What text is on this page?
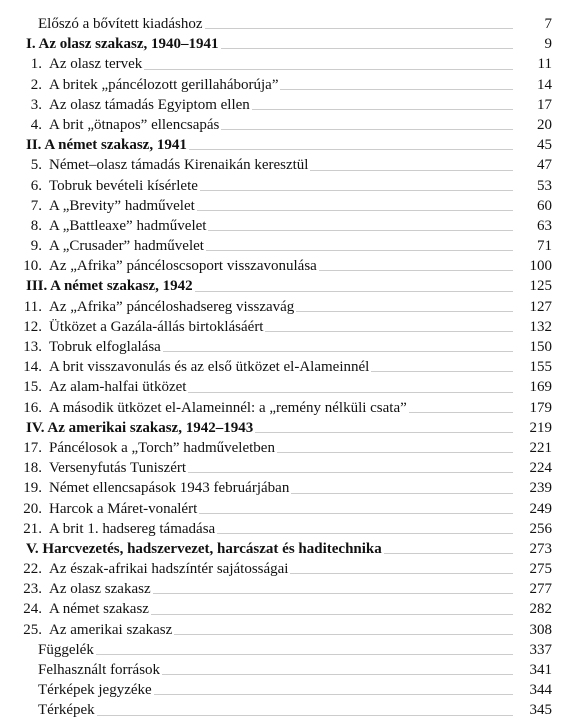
Előszó a bővített kiadáshoz	7
I. Az olasz szakasz, 1940–1941	9
1. Az olasz tervek	11
2. A britek „páncélozott gerillaháborúja”	14
3. Az olasz támadás Egyiptom ellen	17
4. A brit „ötnapos” ellencsapás	20
II. A német szakasz, 1941	45
5. Német–olasz támadás Kirenaikán keresztül	47
6. Tobruk bevételi kísérlete	53
7. A „Brevity” hadművelet	60
8. A „Battleaxe” hadművelet	63
9. A „Crusader” hadművelet	71
10. Az „Afrika” páncéloscsoport visszavonulása	100
III. A német szakasz, 1942	125
11. Az „Afrika” páncéloshadsereg visszavág	127
12. Ütközet a Gazála-állás birtoklásáért	132
13. Tobruk elfoglalása	150
14. A brit visszavonulás és az első ütközet el-Alameinnél	155
15. Az alam-halfai ütközet	169
16. A második ütközet el-Alameinnél: a „remény nélküli csata”	179
IV. Az amerikai szakasz, 1942–1943	219
17. Páncélosok a „Torch” hadműveletben	221
18. Versenyfutás Tuniszért	224
19. Német ellencsapások 1943 februárjában	239
20. Harcok a Máret-vonalért	249
21. A brit 1. hadsereg támadása	256
V. Harcvezetés, hadszervezet, harcászat és haditechnika	273
22. Az észak-afrikai hadszíntér sajátosságai	275
23. Az olasz szakasz	277
24. A német szakasz	282
25. Az amerikai szakasz	308
Függelék	337
Felhasznált források	341
Térképek jegyzéke	344
Térképek	345
